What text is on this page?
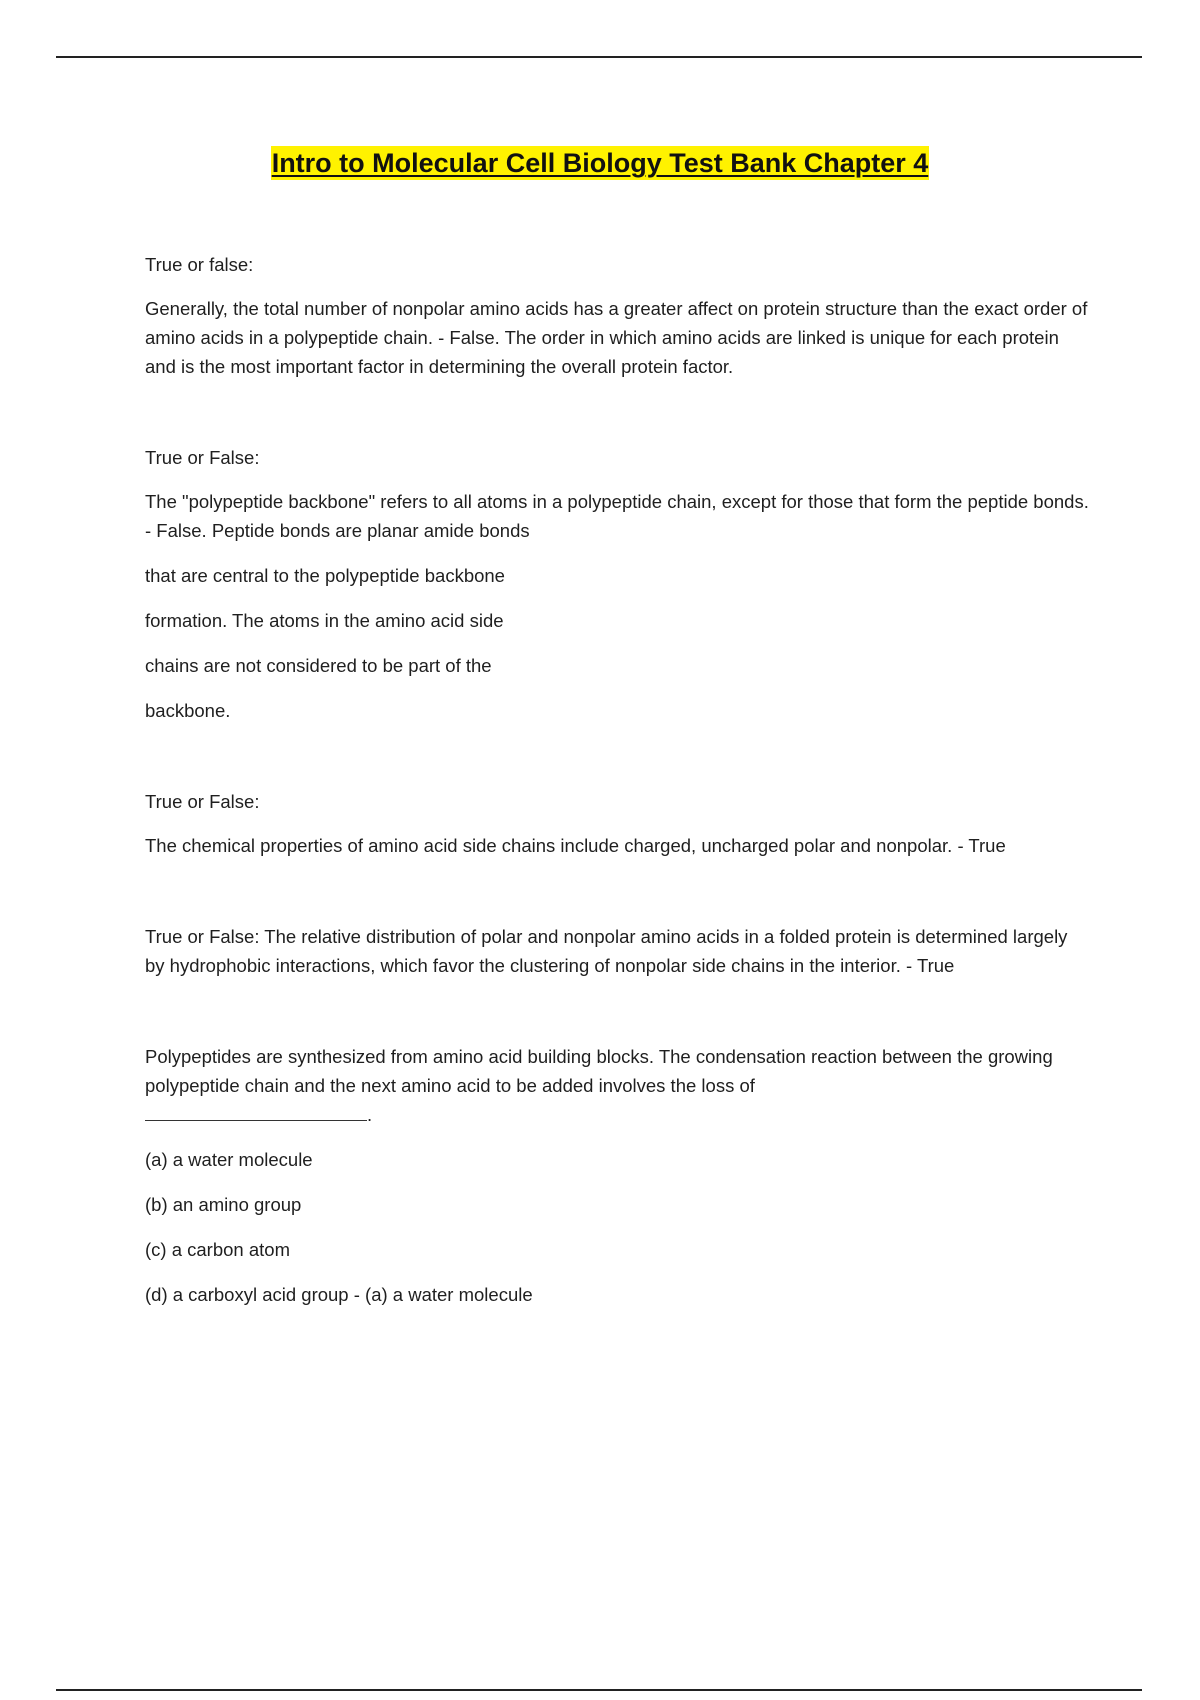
Intro to Molecular Cell Biology Test Bank Chapter 4

True or false:

Generally, the total number of nonpolar amino acids has a greater affect on protein structure than the exact order of amino acids in a polypeptide chain. - False. The order in which amino acids are linked is unique for each protein and is the most important factor in determining the overall protein factor.

True or False:

The "polypeptide backbone" refers to all atoms in a polypeptide chain, except for those that form the peptide bonds. - False. Peptide bonds are planar amide bonds

that are central to the polypeptide backbone

formation. The atoms in the amino acid side

chains are not considered to be part of the

backbone.

True or False:

The chemical properties of amino acid side chains include charged, uncharged polar and nonpolar. - True

True or False: The relative distribution of polar and nonpolar amino acids in a folded protein is determined largely by hydrophobic interactions, which favor the clustering of nonpolar side chains in the interior. - True

Polypeptides are synthesized from amino acid building blocks. The condensation reaction between the growing polypeptide chain and the next amino acid to be added involves the loss of

.

(a) a water molecule

(b) an amino group

(c) a carbon atom

(d) a carboxyl acid group - (a) a water molecule
